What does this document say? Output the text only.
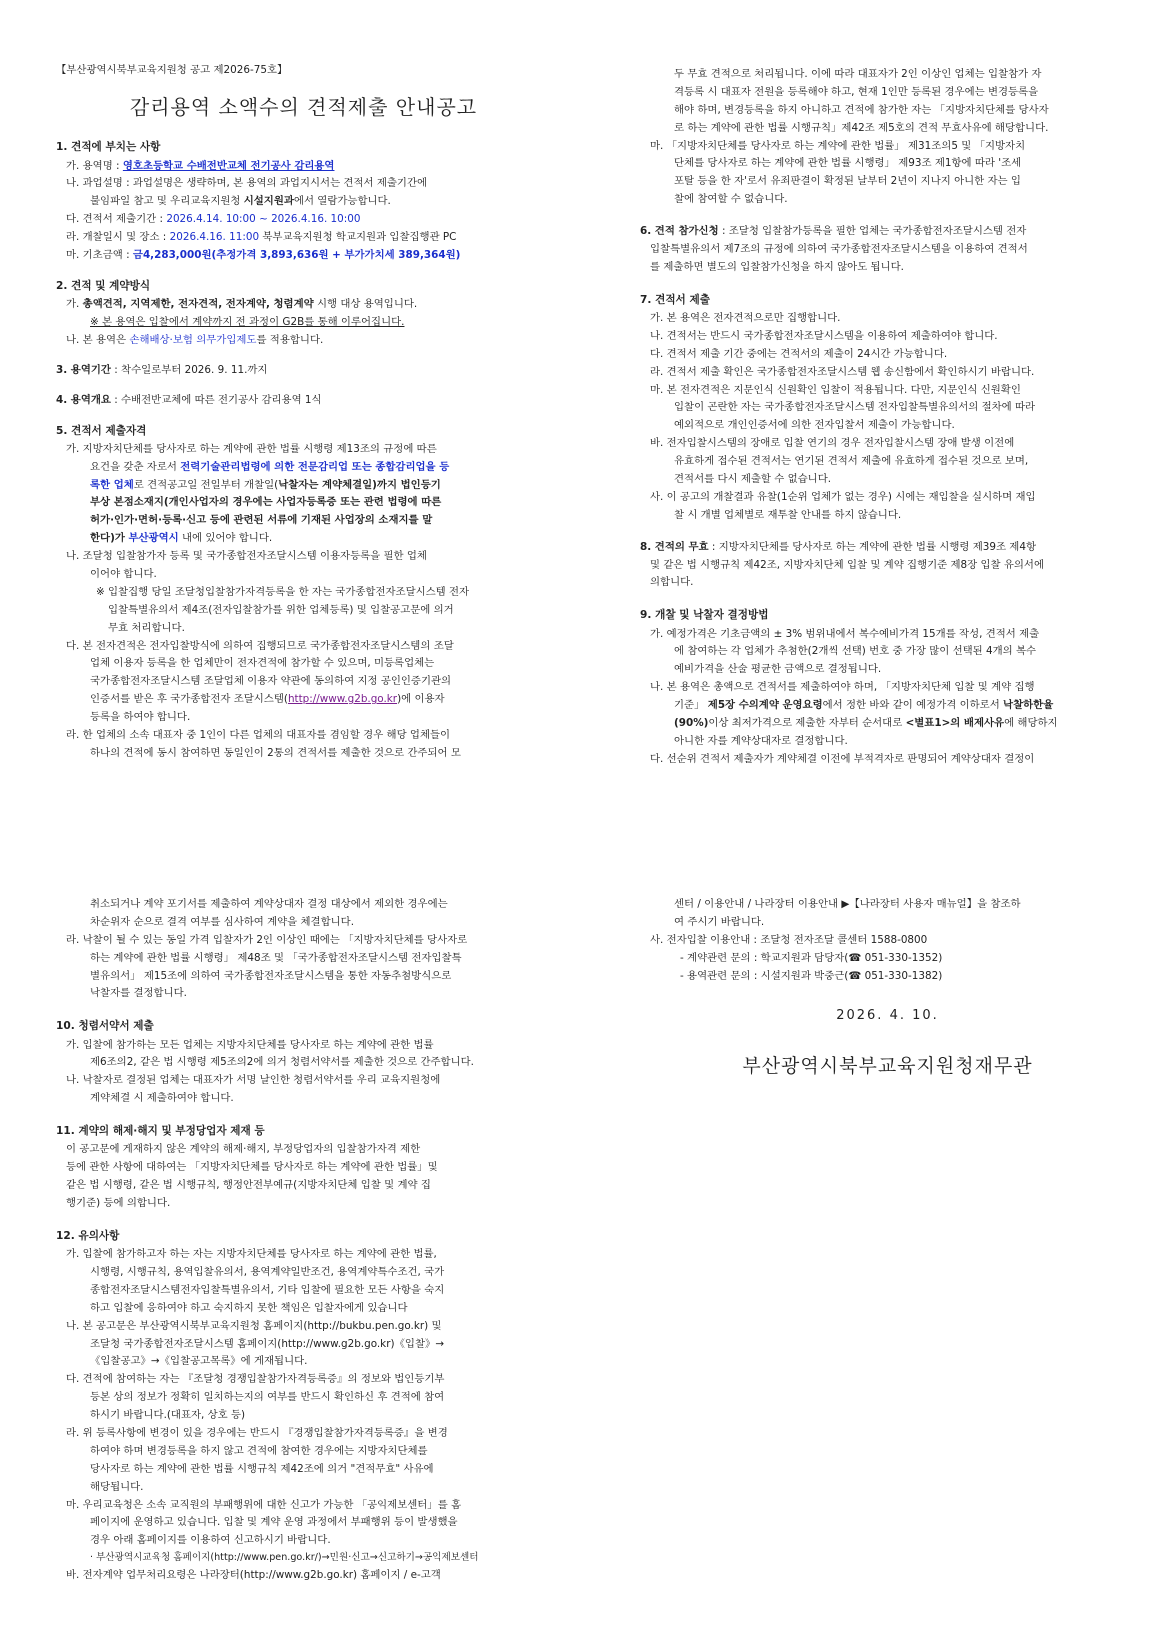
【부산광역시북부교육지원청 공고 제2026-75호】
감리용역 소액수의 견적제출 안내공고
1. 견적에 부치는 사항
가. 용역명 : 영호초등학교 수배전반교체 전기공사 감리용역
나. 과업설명 : 과업설명은 생략하며, 본 용역의 과업지시서는 견적서 제출기간에
불임파일 참고 및 우리교육지원청 시설지원과에서 열람가능합니다.
다. 견적서 제출기간 : 2026.4.14. 10:00 ~ 2026.4.16. 10:00
라. 개찰일시 및 장소 : 2026.4.16. 11:00 북부교육지원청 학교지원과 입찰집행관 PC
마. 기초금액 : 금4,283,000원(추정가격 3,893,636원 + 부가가치세 389,364원)
2. 견적 및 계약방식
가. 총액견적, 지역제한, 전자견적, 전자계약, 청렴계약 시행 대상 용역입니다.
※ 본 용역은 입찰에서 계약까지 전 과정이 G2B를 통해 이루어집니다.
나. 본 용역은 손해배상·보험 의무가입제도를 적용합니다.
3. 용역기간 : 착수일로부터 2026. 9. 11.까지
4. 용역개요 : 수배전반교체에 따른 전기공사 감리용역 1식
5. 견적서 제출자격
가. 지방자치단체를 당사자로 하는 계약에 관한 법률 시행령 제13조의 규정에 따른
요건을 갖춘 자로서 전력기술관리법령에 의한 전문감리업 또는 종합감리업을 등
록한 업체로 견적공고일 전일부터 개찰일(낙찰자는 계약체결일)까지 법인등기
부상 본점소재지(개인사업자의 경우에는 사업자등록증 또는 관련 법령에 따른
허가·인가·면허·등록·신고 등에 관련된 서류에 기재된 사업장의 소재지를 말
한다)가 부산광역시 내에 있어야 합니다.
나. 조달청 입찰참가자 등록 및 국가종합전자조달시스템 이용자등록을 필한 업체
이어야 합니다.
※ 입찰집행 당일 조달청입찰참가자격등록을 한 자는 국가종합전자조달시스템 전자
입찰특별유의서 제4조(전자입찰참가를 위한 업체등록) 및 입찰공고문에 의거
무효 처리합니다.
다. 본 전자견적은 전자입찰방식에 의하여 집행되므로 국가종합전자조달시스템의 조달
업체 이용자 등록을 한 업체만이 전자견적에 참가할 수 있으며, 미등록업체는
국가종합전자조달시스템 조달업체 이용자 약관에 동의하여 지정 공인인증기관의
인증서를 받은 후 국가종합전자 조달시스템(http://www.g2b.go.kr)에 이용자
등록을 하여야 합니다.
라. 한 업체의 소속 대표자 중 1인이 다른 업체의 대표자를 겸임할 경우 해당 업체들이
하나의 견적에 동시 참여하면 동일인이 2통의 견적서를 제출한 것으로 간주되어 모
두 무효 견적으로 처리됩니다. 이에 따라 대표자가 2인 이상인 업체는 입찰참가 자
격등록 시 대표자 전원을 등록해야 하고, 현재 1인만 등록된 경우에는 변경등록을
해야 하며, 변경등록을 하지 아니하고 견적에 참가한 자는 「지방자치단체를 당사자
로 하는 계약에 관한 법률 시행규칙」제42조 제5호의 견적 무효사유에 해당합니다.
마. 「지방자치단체를 당사자로 하는 계약에 관한 법률」 제31조의5 및 「지방자치
단체를 당사자로 하는 계약에 관한 법률 시행령」 제93조 제1항에 따라 '조세
포탈 등을 한 자'로서 유죄판결이 확정된 날부터 2년이 지나지 아니한 자는 입
찰에 참여할 수 없습니다.
6. 견적 참가신청 : 조달청 입찰참가등록을 필한 업체는 국가종합전자조달시스템 전자
입찰특별유의서 제7조의 규정에 의하여 국가종합전자조달시스템을 이용하여 견적서
를 제출하면 별도의 입찰참가신청을 하지 않아도 됩니다.
7. 견적서 제출
가. 본 용역은 전자견적으로만 집행합니다.
나. 견적서는 반드시 국가종합전자조달시스템을 이용하여 제출하여야 합니다.
다. 견적서 제출 기간 중에는 견적서의 제출이 24시간 가능합니다.
라. 견적서 제출 확인은 국가종합전자조달시스템 웹 송신함에서 확인하시기 바랍니다.
마. 본 전자견적은 지문인식 신원확인 입찰이 적용됩니다. 다만, 지문인식 신원확인
입찰이 곤란한 자는 국가종합전자조달시스템 전자입찰특별유의서의 절차에 따라
예외적으로 개인인증서에 의한 전자입찰서 제출이 가능합니다.
바. 전자입찰시스템의 장애로 입찰 연기의 경우 전자입찰시스템 장애 발생 이전에
유효하게 접수된 견적서는 연기된 견적서 제출에 유효하게 접수된 것으로 보며,
견적서를 다시 제출할 수 없습니다.
사. 이 공고의 개찰결과 유찰(1순위 업체가 없는 경우) 시에는 재입찰을 실시하며 재입
찰 시 개별 업체별로 재투찰 안내를 하지 않습니다.
8. 견적의 무효 : 지방자치단체를 당사자로 하는 계약에 관한 법률 시행령 제39조 제4항
및 같은 법 시행규칙 제42조, 지방자치단체 입찰 및 계약 집행기준 제8장 입찰 유의서에
의합니다.
9. 개찰 및 낙찰자 결정방법
가. 예정가격은 기초금액의 ± 3% 범위내에서 복수예비가격 15개를 작성, 견적서 제출
에 참여하는 각 업체가 추첨한(2개씩 선택) 번호 중 가장 많이 선택된 4개의 복수
예비가격을 산술 평균한 금액으로 결정됩니다.
나. 본 용역은 총액으로 견적서를 제출하여야 하며, 「지방자치단체 입찰 및 계약 집행
기준」 제5장 수의계약 운영요령에서 정한 바와 같이 예정가격 이하로서 낙찰하한율
(90%)이상 최저가격으로 제출한 자부터 순서대로 <별표1>의 배제사유에 해당하지
아니한 자를 계약상대자로 결정합니다.
다. 선순위 견적서 제출자가 계약체결 이전에 부적격자로 판명되어 계약상대자 결정이
취소되거나 계약 포기서를 제출하여 계약상대자 결정 대상에서 제외한 경우에는
차순위자 순으로 결격 여부를 심사하여 계약을 체결합니다.
라. 낙찰이 될 수 있는 동일 가격 입찰자가 2인 이상인 때에는 「지방자치단체를 당사자로
하는 계약에 관한 법률 시행령」 제48조 및 「국가종합전자조달시스템 전자입찰특
별유의서」 제15조에 의하여 국가종합전자조달시스템을 통한 자동추첨방식으로
낙찰자를 결정합니다.
10. 청렴서약서 제출
가. 입찰에 참가하는 모든 업체는 지방자치단체를 당사자로 하는 계약에 관한 법률
제6조의2, 같은 법 시행령 제5조의2에 의거 청렴서약서를 제출한 것으로 간주합니다.
나. 낙찰자로 결정된 업체는 대표자가 서명 날인한 청렴서약서를 우리 교육지원청에
계약체결 시 제출하여야 합니다.
11. 계약의 해제·해지 및 부정당업자 제재 등
이 공고문에 게재하지 않은 계약의 해제·해지, 부정당업자의 입찰참가자격 제한
등에 관한 사항에 대하여는 「지방자치단체를 당사자로 하는 계약에 관한 법률」및
같은 법 시행령, 같은 법 시행규칙, 행정안전부예규(지방자치단체 입찰 및 계약 집
행기준) 등에 의합니다.
12. 유의사항
가. 입찰에 참가하고자 하는 자는 지방자치단체를 당사자로 하는 계약에 관한 법률,
시행령, 시행규칙, 용역입찰유의서, 용역계약일반조건, 용역계약특수조건, 국가
종합전자조달시스템전자입찰특별유의서, 기타 입찰에 필요한 모든 사항을 숙지
하고 입찰에 응하여야 하고 숙지하지 못한 책임은 입찰자에게 있습니다
나. 본 공고문은 부산광역시북부교육지원청 홈페이지(http://bukbu.pen.go.kr) 및
조달청 국가종합전자조달시스템 홈페이지(http://www.g2b.go.kr)《입찰》→
《입찰공고》→《입찰공고목록》에 게재됩니다.
다. 견적에 참여하는 자는 『조달청 경쟁입찰참가자격등록증』의 정보와 법인등기부
등본 상의 정보가 정확히 일치하는지의 여부를 반드시 확인하신 후 견적에 참여
하시기 바랍니다.(대표자, 상호 등)
라. 위 등록사항에 변경이 있을 경우에는 반드시 『경쟁입찰참가자격등록증』을 변경
하여야 하며 변경등록을 하지 않고 견적에 참여한 경우에는 지방자치단체를
당사자로 하는 계약에 관한 법률 시행규칙 제42조에 의거 "견적무효" 사유에
해당됩니다.
마. 우리교육청은 소속 교직원의 부패행위에 대한 신고가 가능한 「공익제보센터」를 홈
페이지에 운영하고 있습니다. 입찰 및 계약 운영 과정에서 부패행위 등이 발생했을
경우 아래 홈페이지를 이용하여 신고하시기 바랍니다.
· 부산광역시교육청 홈페이지(http://www.pen.go.kr/)→민원·신고→신고하기→공익제보센터
바. 전자계약 업무처리요령은 나라장터(http://www.g2b.go.kr) 홈페이지 / e-고객
센터 / 이용안내 / 나라장터 이용안내 ▶【나라장터 사용자 매뉴얼】을 참조하
여 주시기 바랍니다.
사. 전자입찰 이용안내 : 조달청 전자조달 콜센터 1588-0800
- 계약관련 문의 : 학교지원과 담당자(☎ 051-330-1352)
- 용역관련 문의 : 시설지원과 박중근(☎ 051-330-1382)
2026. 4. 10.
부산광역시북부교육지원청재무관
